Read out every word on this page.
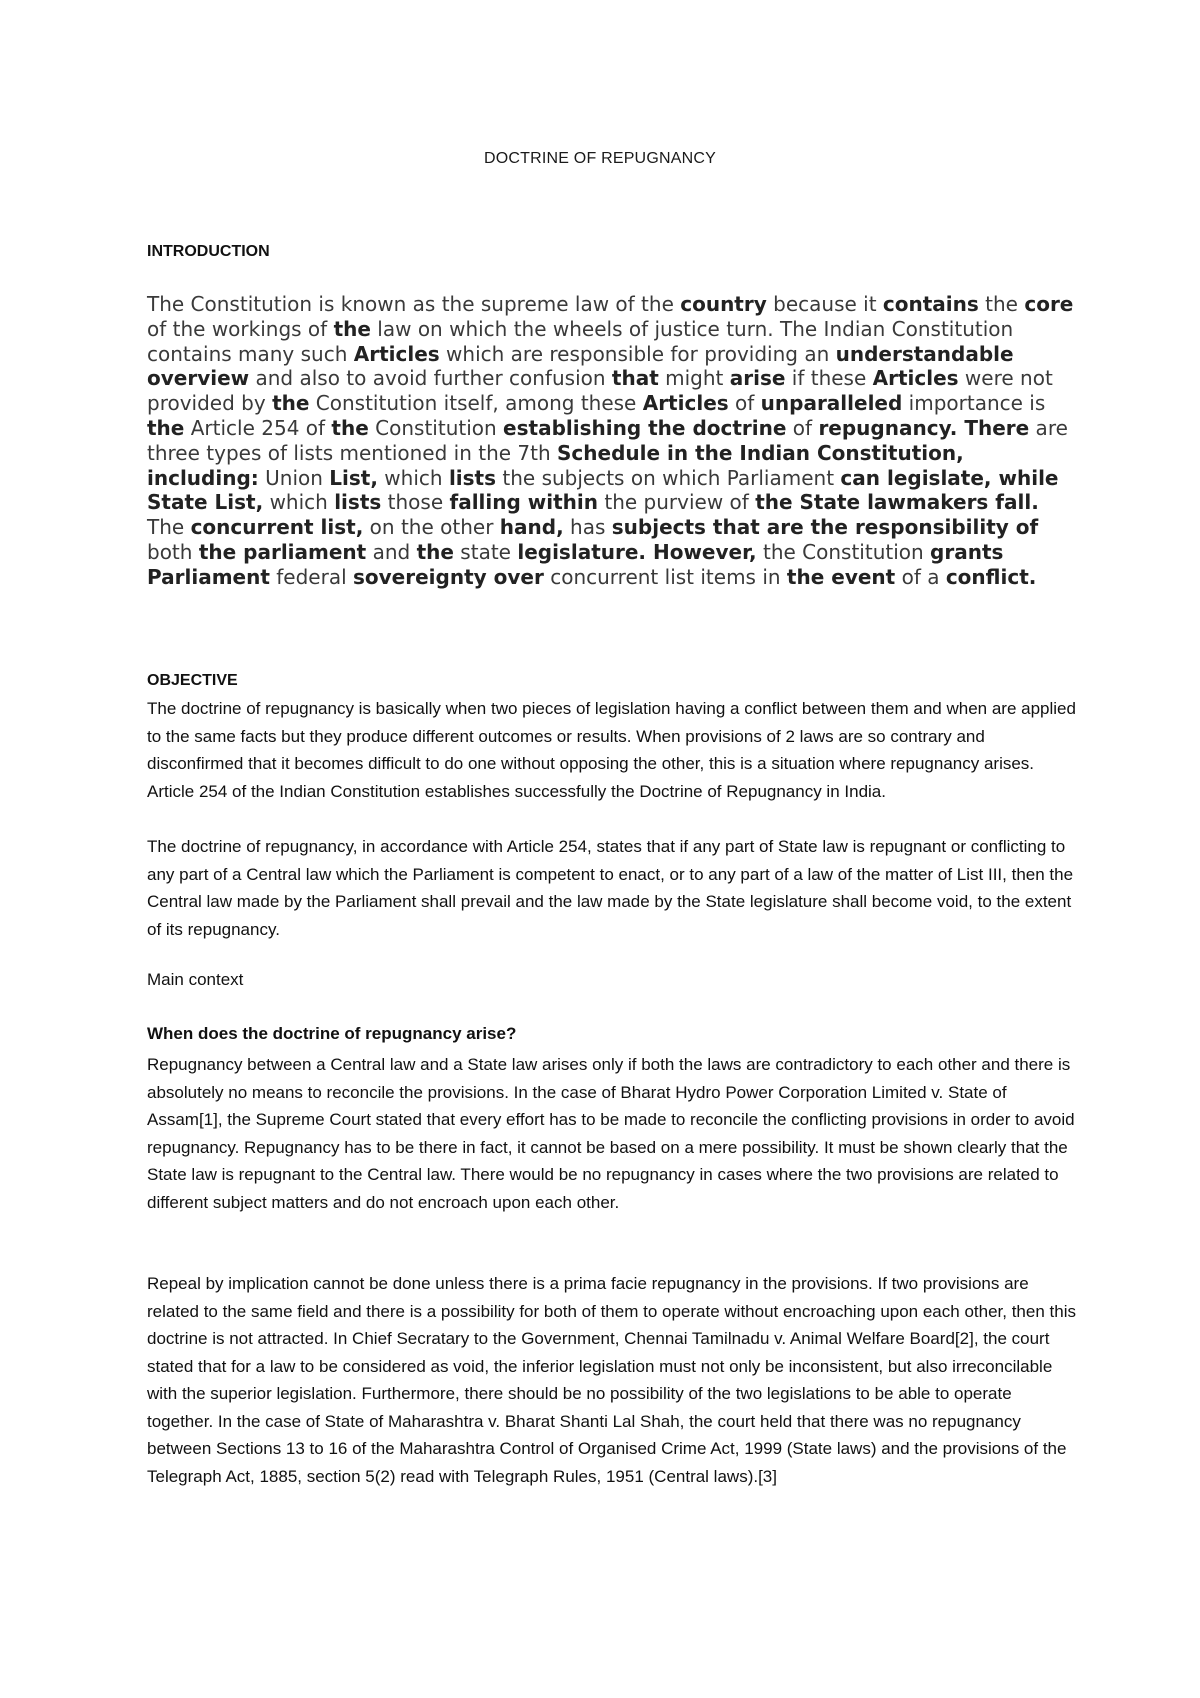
DOCTRINE OF REPUGNANCY
INTRODUCTION
The Constitution is known as the supreme law of the country because it contains the core of the workings of the law on which the wheels of justice turn. The Indian Constitution contains many such Articles which are responsible for providing an understandable overview and also to avoid further confusion that might arise if these Articles were not provided by the Constitution itself, among these Articles of unparalleled importance is the Article 254 of the Constitution establishing the doctrine of repugnancy. There are three types of lists mentioned in the 7th Schedule in the Indian Constitution, including: Union List, which lists the subjects on which Parliament can legislate, while State List, which lists those falling within the purview of the State lawmakers fall. The concurrent list, on the other hand, has subjects that are the responsibility of both the parliament and the state legislature. However, the Constitution grants Parliament federal sovereignty over concurrent list items in the event of a conflict.
OBJECTIVE

The doctrine of repugnancy is basically when two pieces of legislation having a conflict between them and when are applied to the same facts but they produce different outcomes or results. When provisions of 2 laws are so contrary and disconfirmed that it becomes difficult to do one without opposing the other, this is a situation where repugnancy arises. Article 254 of the Indian Constitution establishes successfully the Doctrine of Repugnancy in India.

The doctrine of repugnancy, in accordance with Article 254, states that if any part of State law is repugnant or conflicting to any part of a Central law which the Parliament is competent to enact, or to any part of a law of the matter of List III, then the Central law made by the Parliament shall prevail and the law made by the State legislature shall become void, to the extent of its repugnancy.

Main context
When does the doctrine of repugnancy arise?

Repugnancy between a Central law and a State law arises only if both the laws are contradictory to each other and there is absolutely no means to reconcile the provisions. In the case of Bharat Hydro Power Corporation Limited v. State of Assam[1], the Supreme Court stated that every effort has to be made to reconcile the conflicting provisions in order to avoid repugnancy. Repugnancy has to be there in fact, it cannot be based on a mere possibility. It must be shown clearly that the State law is repugnant to the Central law. There would be no repugnancy in cases where the two provisions are related to different subject matters and do not encroach upon each other.

Repeal by implication cannot be done unless there is a prima facie repugnancy in the provisions. If two provisions are related to the same field and there is a possibility for both of them to operate without encroaching upon each other, then this doctrine is not attracted. In Chief Secratary to the Government, Chennai Tamilnadu v. Animal Welfare Board[2], the court stated that for a law to be considered as void, the inferior legislation must not only be inconsistent, but also irreconcilable with the superior legislation. Furthermore, there should be no possibility of the two legislations to be able to operate together. In the case of State of Maharashtra v. Bharat Shanti Lal Shah, the court held that there was no repugnancy between Sections 13 to 16 of the Maharashtra Control of Organised Crime Act, 1999 (State laws) and the provisions of the Telegraph Act, 1885, section 5(2) read with Telegraph Rules, 1951 (Central laws).[3]
